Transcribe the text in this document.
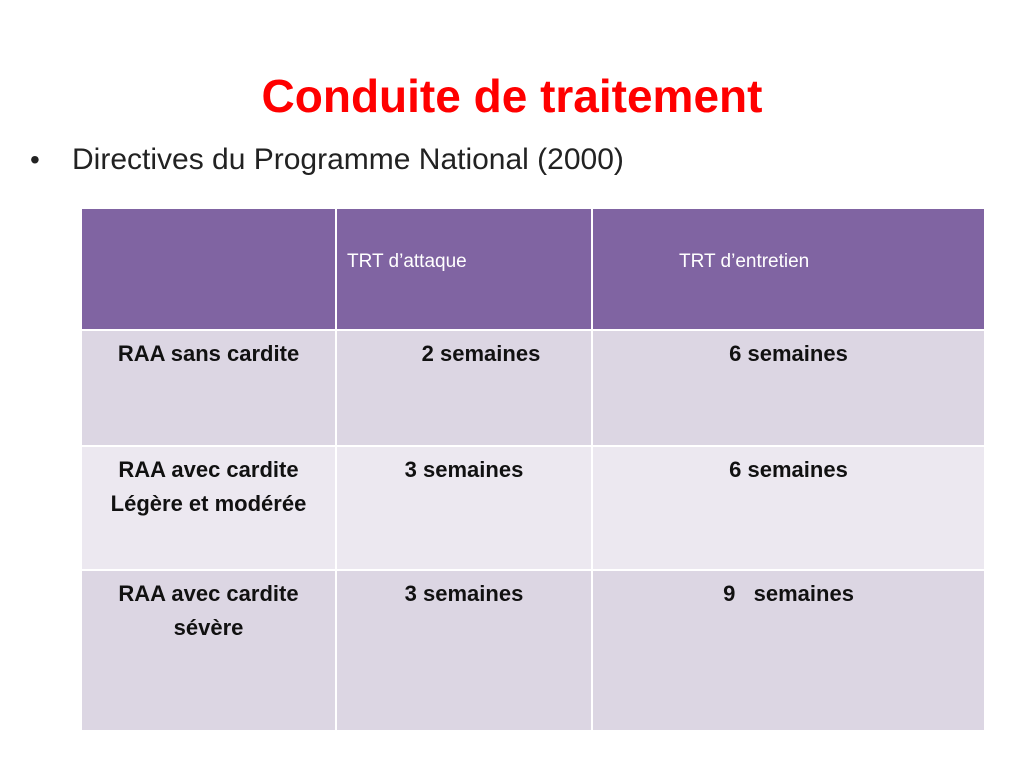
Conduite de traitement
•	Directives du Programme National (2000)

	TRT d’attaque	TRT d’entretien

RAA sans cardite	2 semaines	6 semaines

RAA avec cardite
Légère et modérée	3 semaines	6 semaines

RAA avec cardite
sévère	3 semaines	9   semaines
